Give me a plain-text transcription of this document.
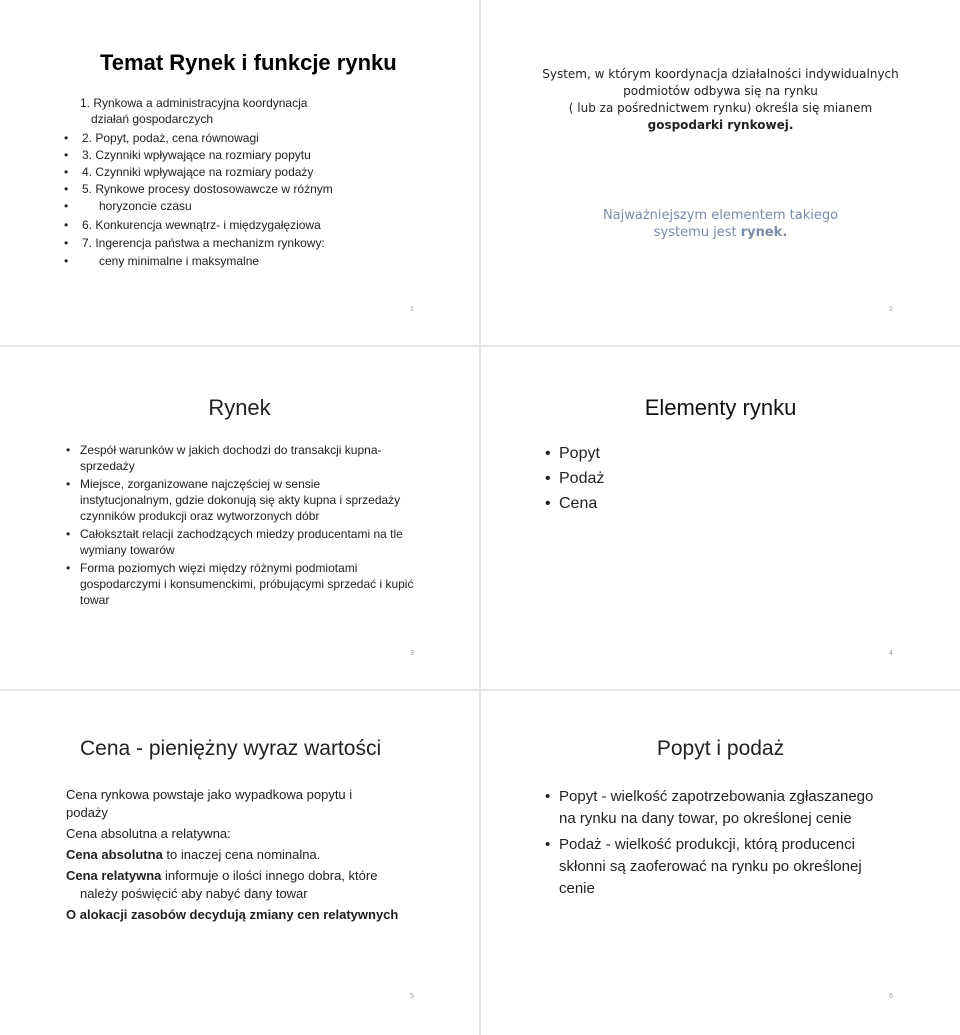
Temat Rynek i funkcje rynku
1. Rynkowa a administracyjna koordynacja
działań gospodarczych
• 2. Popyt, podaż, cena równowagi
• 3. Czynniki wpływające na rozmiary popytu
• 4. Czynniki wpływające na rozmiary podaży
• 5. Rynkowe procesy dostosowawcze w różnym
•	horyzoncie czasu
• 6. Konkurencja wewnątrz- i międzygałęziowa
• 7. Ingerencja państwa a mechanizm rynkowy:
•	ceny minimalne i maksymalne
1
System, w którym koordynacja działalności indywidualnych
podmiotów odbywa się na rynku
( lub za pośrednictwem rynku) określa się mianem
gospodarki rynkowej.
Najważniejszym elementem takiego
systemu jest rynek.
2
Rynek
• Zespół warunków w jakich dochodzi do transakcji kupna-
sprzedaży
• Miejsce, zorganizowane najczęściej w sensie
instytucjonalnym, gdzie dokonują się akty kupna i sprzedaży
czynników produkcji oraz wytworzonych dóbr
• Całokształt relacji zachodzących miedzy producentami na tle
wymiany towarów
• Forma poziomych więzi między różnymi podmiotami
gospodarczymi i konsumenckimi, próbującymi sprzedać i kupić
towar
3
Elementy rynku
• Popyt
• Podaż
• Cena
4
Cena - pieniężny wyraz wartości
Cena rynkowa powstaje jako wypadkowa popytu i
podaży
Cena absolutna a relatywna:
Cena absolutna to inaczej cena nominalna.
Cena relatywna informuje o ilości innego dobra, które
należy poświęcić aby nabyć dany towar
O alokacji zasobów decydują zmiany cen relatywnych
5
Popyt i podaż
• Popyt - wielkość zapotrzebowania zgłaszanego
na rynku na dany towar, po określonej cenie
• Podaż - wielkość produkcji, którą producenci
skłonni są zaoferować na rynku po określonej
cenie
6
